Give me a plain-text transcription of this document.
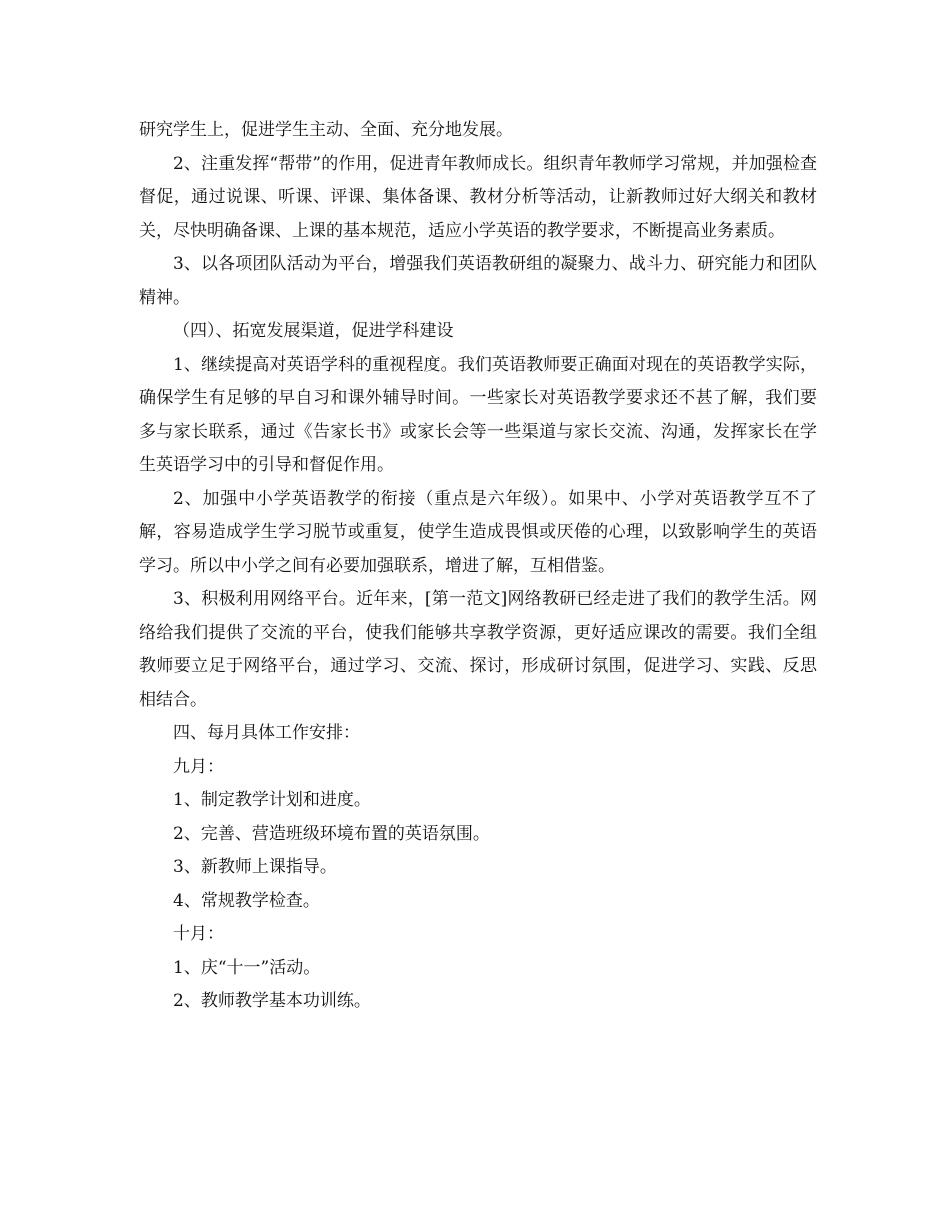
研究学生上，促进学生主动、全面、充分地发展。

2、注重发挥“帮带”的作用，促进青年教师成长。组织青年教师学习常规，并加强检查督促，通过说课、听课、评课、集体备课、教材分析等活动，让新教师过好大纲关和教材关，尽快明确备课、上课的基本规范，适应小学英语的教学要求，不断提高业务素质。

3、以各项团队活动为平台，增强我们英语教研组的凝聚力、战斗力、研究能力和团队精神。

（四）、拓宽发展渠道，促进学科建设

1、继续提高对英语学科的重视程度。我们英语教师要正确面对现在的英语教学实际，确保学生有足够的早自习和课外辅导时间。一些家长对英语教学要求还不甚了解，我们要多与家长联系，通过《告家长书》或家长会等一些渠道与家长交流、沟通，发挥家长在学生英语学习中的引导和督促作用。

2、加强中小学英语教学的衔接（重点是六年级）。如果中、小学对英语教学互不了解，容易造成学生学习脱节或重复，使学生造成畏惧或厌倦的心理，以致影响学生的英语学习。所以中小学之间有必要加强联系，增进了解，互相借鉴。

3、积极利用网络平台。近年来，[第一范文]网络教研已经走进了我们的教学生活。网络给我们提供了交流的平台，使我们能够共享教学资源，更好适应课改的需要。我们全组教师要立足于网络平台，通过学习、交流、探讨，形成研讨氛围，促进学习、实践、反思相结合。

四、每月具体工作安排：

九月：

1、制定教学计划和进度。

2、完善、营造班级环境布置的英语氛围。

3、新教师上课指导。

4、常规教学检查。

十月：

1、庆“十一”活动。

2、教师教学基本功训练。
